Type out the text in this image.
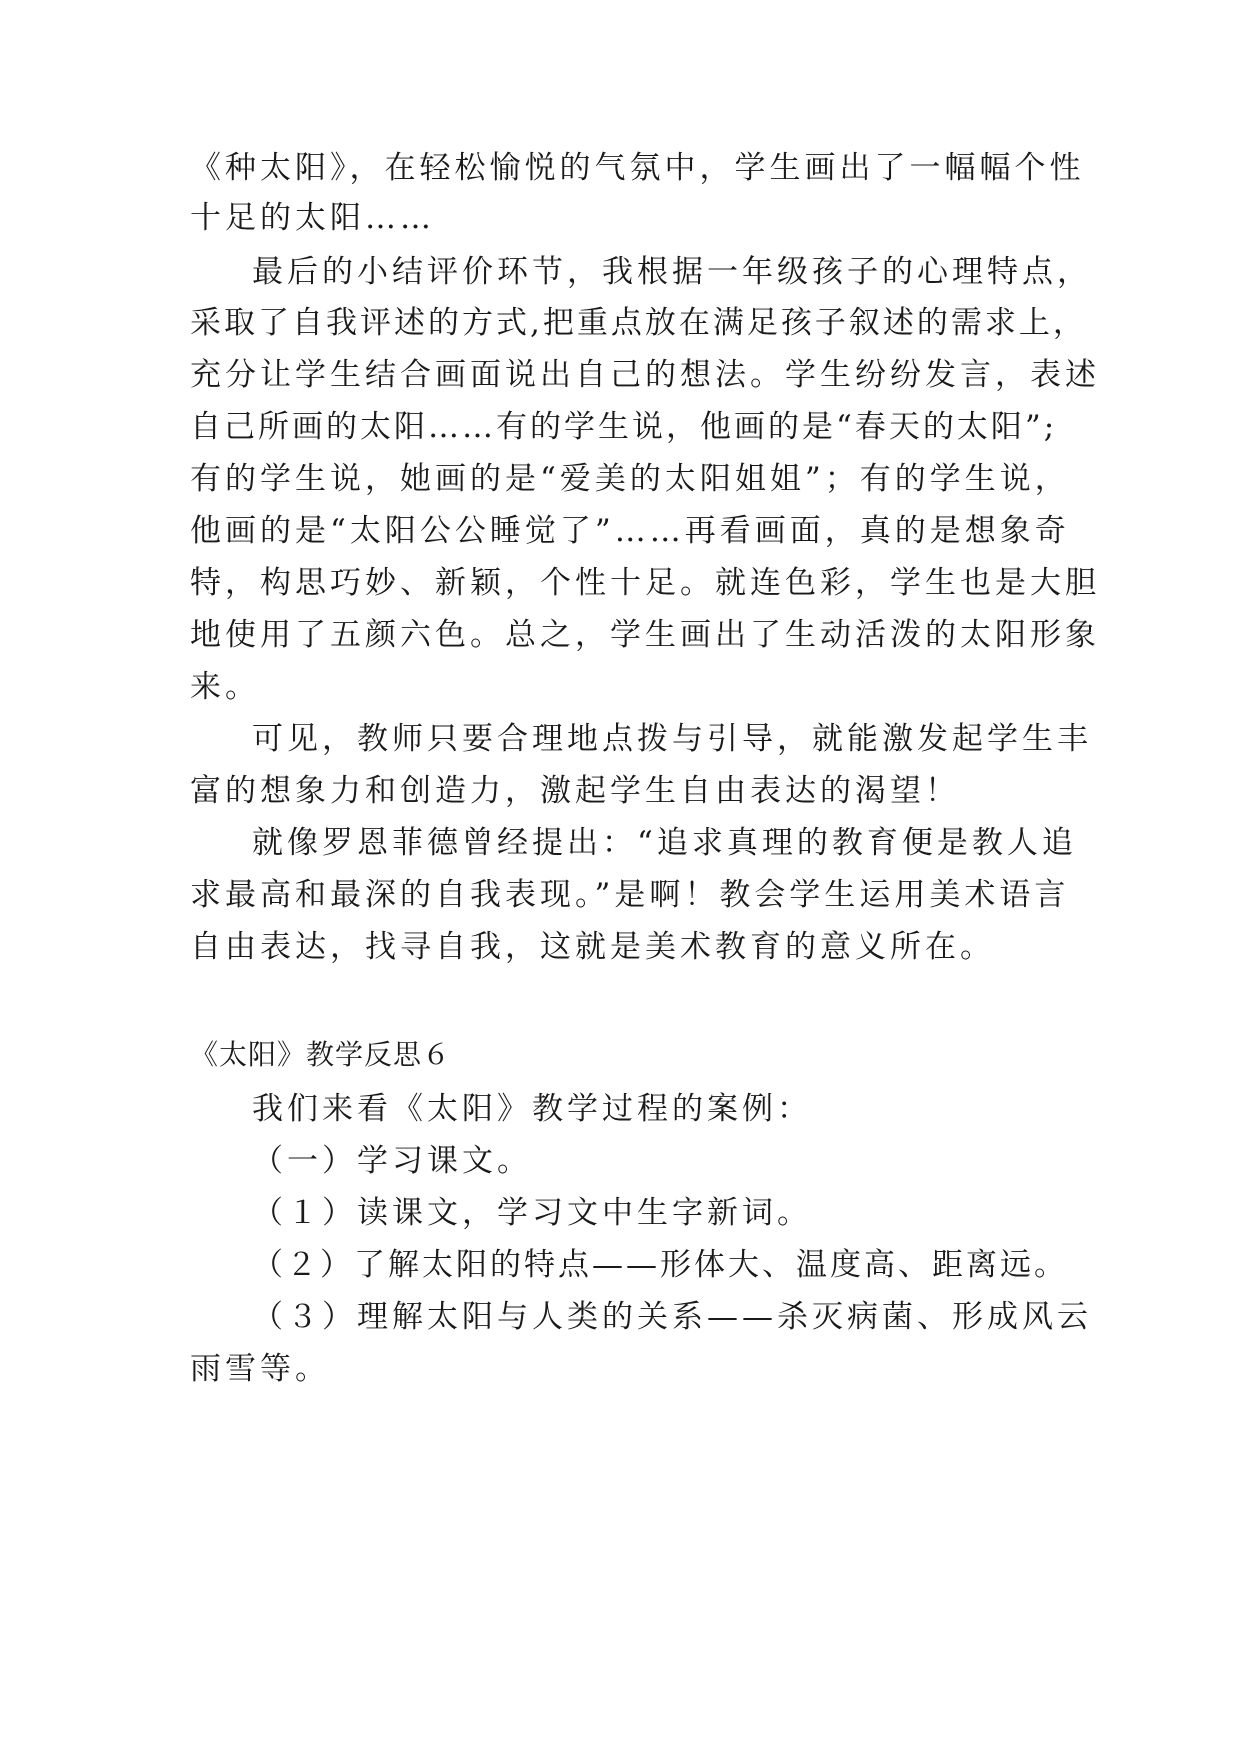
《种太阳》，在轻松愉悦的气氛中，学生画出了一幅幅个性
十足的太阳……
最后的小结评价环节，我根据一年级孩子的心理特点，
采取了自我评述的方式,把重点放在满足孩子叙述的需求上，
充分让学生结合画面说出自己的想法。学生纷纷发言，表述
自己所画的太阳……有的学生说，他画的是“春天的太阳”;
有的学生说，她画的是“爱美的太阳姐姐”；有的学生说，
他画的是“太阳公公睡觉了”……再看画面，真的是想象奇
特，构思巧妙、新颖，个性十足。就连色彩，学生也是大胆
地使用了五颜六色。总之，学生画出了生动活泼的太阳形象
来。
可见，教师只要合理地点拨与引导，就能激发起学生丰
富的想象力和创造力，激起学生自由表达的渴望！
就像罗恩菲德曾经提出：“追求真理的教育便是教人追
求最高和最深的自我表现。”是啊！教会学生运用美术语言
自由表达，找寻自我，这就是美术教育的意义所在。
《太阳》教学反思６
我们来看《太阳》教学过程的案例：
（一）学习课文。
（１）读课文，学习文中生字新词。
（２）了解太阳的特点——形体大、温度高、距离远。
（３）理解太阳与人类的关系——杀灭病菌、形成风云
雨雪等。
